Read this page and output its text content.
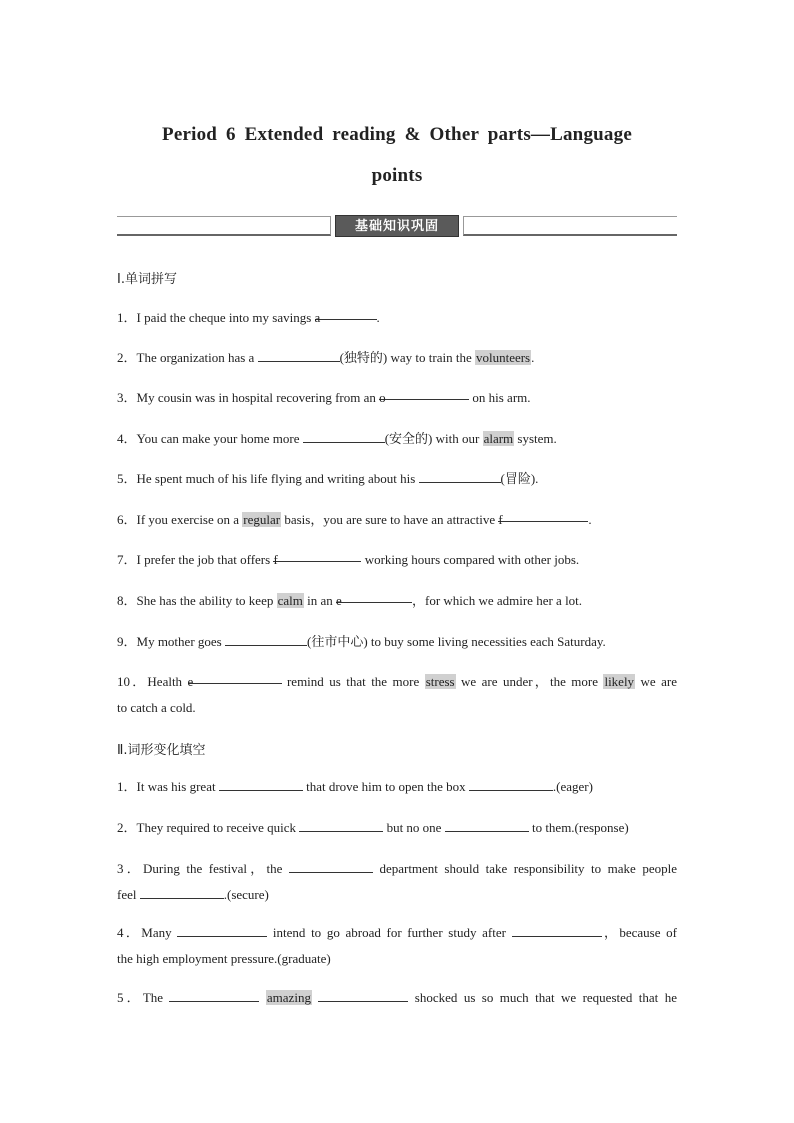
Period 6 Extended reading & Other parts—Language
points
基础知识巩固
Ⅰ.单词拼写
1．I paid the cheque into my savings a	.
2．The organization has a	(独特的) way to train the volunteers.
3．My cousin was in hospital recovering from an o	on his arm.
4．You can make your home more	(安全的) with our alarm system.
5．He spent much of his life flying and writing about his	(冒险).
6．If you exercise on a regular basis，you are sure to have an attractive f	.
7．I prefer the job that offers f	working hours compared with other jobs.
8．She has the ability to keep calm in an e	，for which we admire her a lot.
9．My mother goes	(往市中心) to buy some living necessities each Saturday.
10．Health e	remind us that the more stress we are under，the more likely we are
to catch a cold.
Ⅱ.词形变化填空
1．It was his great	that drove him to open the box	.(eager)
2．They required to receive quick	but no one	to them.(response)
3．During the festival，the	department should take responsibility to make people
feel	.(secure)
4．Many	intend to go abroad for further study after	，because of
the high employment pressure.(graduate)
5．The	amazing	shocked us so much that we requested that he
